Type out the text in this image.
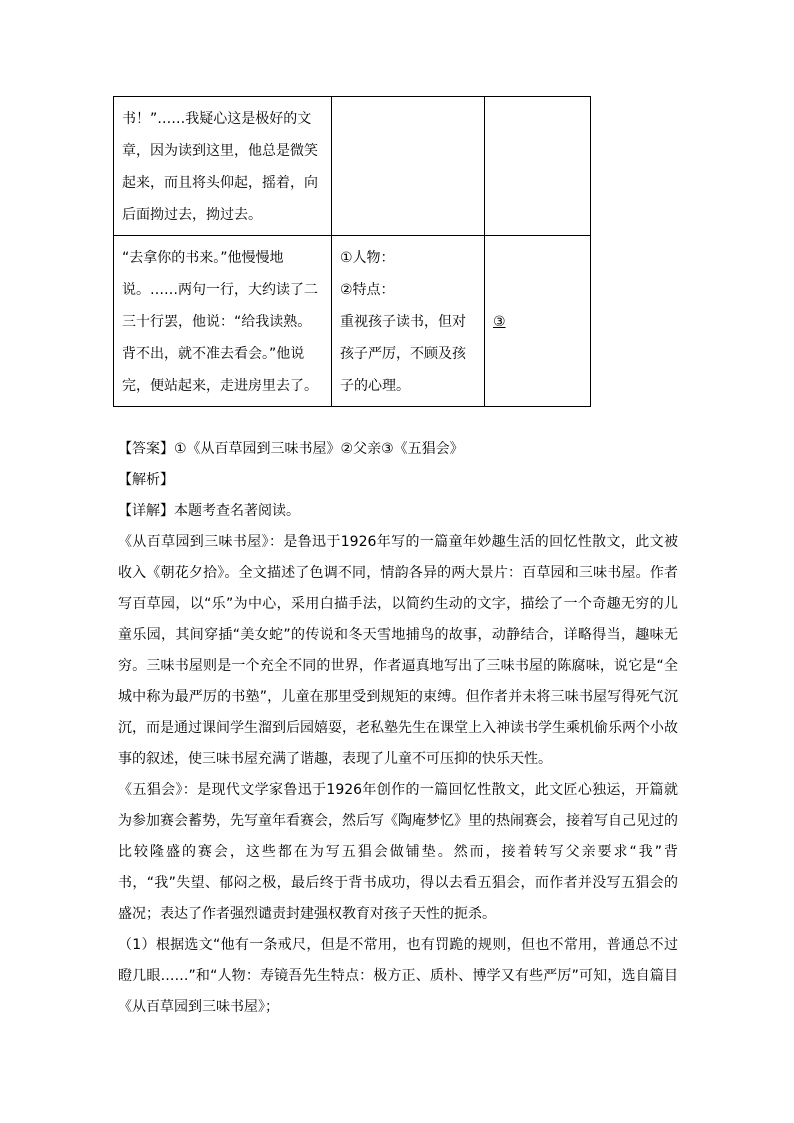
书！”……我疑心这是极好的文章，因为读到这里，他总是微笑起来，而且将头仰起，摇着，向后面拗过去，拗过去。		
“去拿你的书来。”他慢慢地说。……两句一行，大约读了二三十行罢，他说：“给我读熟。背不出，就不准去看会。”他说完，便站起来，走进房里去了。	①人物：
②特点：
重视孩子读书，但对孩子严厉，不顾及孩子的心理。	③

【答案】①《从百草园到三味书屋》②父亲③《五猖会》

【解析】

【详解】本题考查名著阅读。

《从百草园到三味书屋》：是鲁迅于1926年写的一篇童年妙趣生活的回忆性散文，此文被收入《朝花夕拾》。全文描述了色调不同，情韵各异的两大景片：百草园和三味书屋。作者写百草园，以“乐”为中心，采用白描手法，以简约生动的文字，描绘了一个奇趣无穷的儿童乐园，其间穿插“美女蛇”的传说和冬天雪地捕鸟的故事，动静结合，详略得当，趣味无穷。三味书屋则是一个充全不同的世界，作者逼真地写出了三味书屋的陈腐味，说它是“全城中称为最严厉的书塾”，儿童在那里受到规矩的束缚。但作者并未将三味书屋写得死气沉沉，而是通过课间学生溜到后园嬉耍，老私塾先生在课堂上入神读书学生乘机偷乐两个小故事的叙述，使三味书屋充满了谐趣，表现了儿童不可压抑的快乐天性。

《五猖会》：是现代文学家鲁迅于1926年创作的一篇回忆性散文，此文匠心独运，开篇就为参加赛会蓄势，先写童年看赛会，然后写《陶庵梦忆》里的热闹赛会，接着写自己见过的比较隆盛的赛会，这些都在为写五猖会做铺垫。然而，接着转写父亲要求“我”背书，“我”失望、郁闷之极，最后终于背书成功，得以去看五猖会，而作者并没写五猖会的盛况；表达了作者强烈谴责封建强权教育对孩子天性的扼杀。

（1）根据选文“他有一条戒尺，但是不常用，也有罚跪的规则，但也不常用，普通总不过瞪几眼……”和“人物：寿镜吾先生特点：极方正、质朴、博学又有些严厉”可知，选自篇目《从百草园到三味书屋》；
